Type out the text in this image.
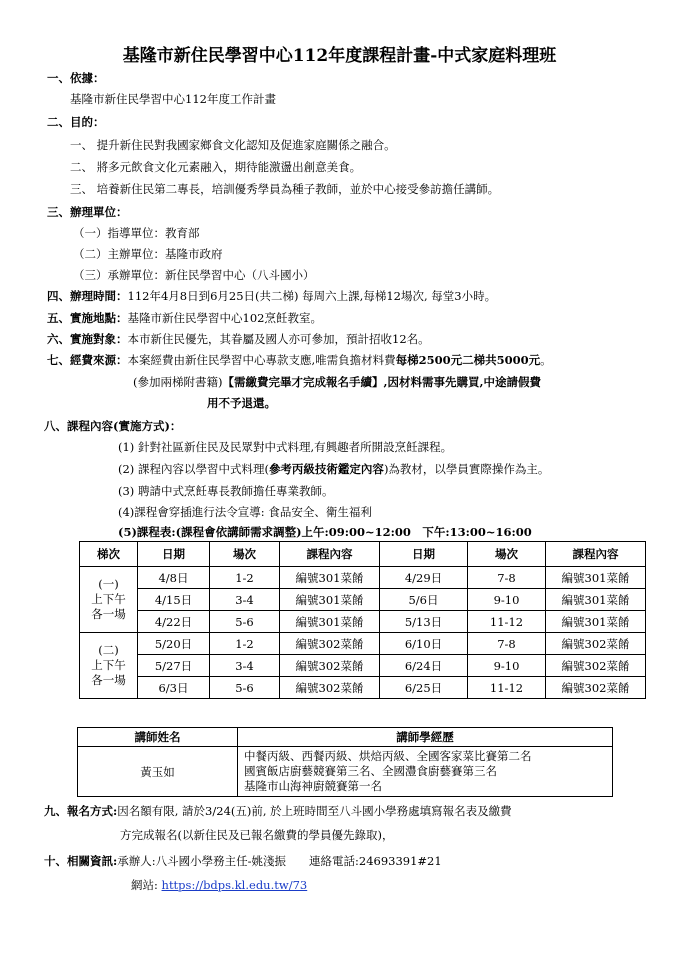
基隆市新住民學習中心112年度課程計畫-中式家庭料理班
一、依據：
基隆市新住民學習中心112年度工作計畫
二、目的：
一、 提升新住民對我國家鄉食文化認知及促進家庭關係之融合。
二、 將多元飲食文化元素融入，期待能激盪出創意美食。
三、 培養新住民第二專長，培訓優秀學員為種子教師，並於中心接受參訪擔任講師。
三、辦理單位：
（一）指導單位：教育部
（二）主辦單位：基隆市政府
（三）承辦單位：新住民學習中心（八斗國小）
四、辦理時間：112年4月8日到6月25日(共二梯) 每周六上課,每梯12場次, 每堂3小時。
五、實施地點：基隆市新住民學習中心102烹飪教室。
六、實施對象：本市新住民優先，其眷屬及國人亦可參加，預計招收12名。
七、經費來源：本案經費由新住民學習中心專款支應,唯需負擔材料費每梯2500元二梯共5000元。
(參加兩梯附書籍)【需繳費完畢才完成報名手續】,因材料需事先購買,中途請假費
用不予退還。
八、課程內容(實施方式)：
(1) 針對社區新住民及民眾對中式料理,有興趣者所開設烹飪課程。
(2) 課程內容以學習中式料理(參考丙級技術鑑定內容)為教材，以學員實際操作為主。
(3) 聘請中式烹飪專長教師擔任專業教師。
(4)課程會穿插進行法令宣導: 食品安全、衛生福利
(5)課程表:(課程會依講師需求調整)上午:09:00~12:00　下午:13:00~16:00
梯次	日期	場次	課程內容	日期	場次	課程內容
(一)
上下午
各一場	4/8日	1-2	編號301菜餚	4/29日	7-8	編號301菜餚
	4/15日	3-4	編號301菜餚	5/6日	9-10	編號301菜餚
	4/22日	5-6	編號301菜餚	5/13日	11-12	編號301菜餚
(二)
上下午
各一場	5/20日	1-2	編號302菜餚	6/10日	7-8	編號302菜餚
	5/27日	3-4	編號302菜餚	6/24日	9-10	編號302菜餚
	6/3日	5-6	編號302菜餚	6/25日	11-12	編號302菜餚
講師姓名	講師學經歷
黃玉如	中餐丙級、西餐丙級、烘焙丙級、全國客家菜比賽第二名
國賓飯店廚藝競賽第三名、全國灃食廚藝賽第三名
基隆市山海神廚競賽第一名
九、報名方式:因名額有限, 請於3/24(五)前, 於上班時間至八斗國小學務處填寫報名表及繳費
方完成報名(以新住民及已報名繳費的學員優先錄取)，
十、相關資訊:承辦人:八斗國小學務主任-姚淺振　　連絡電話:24693391#21
網站: https://bdps.kl.edu.tw/73
